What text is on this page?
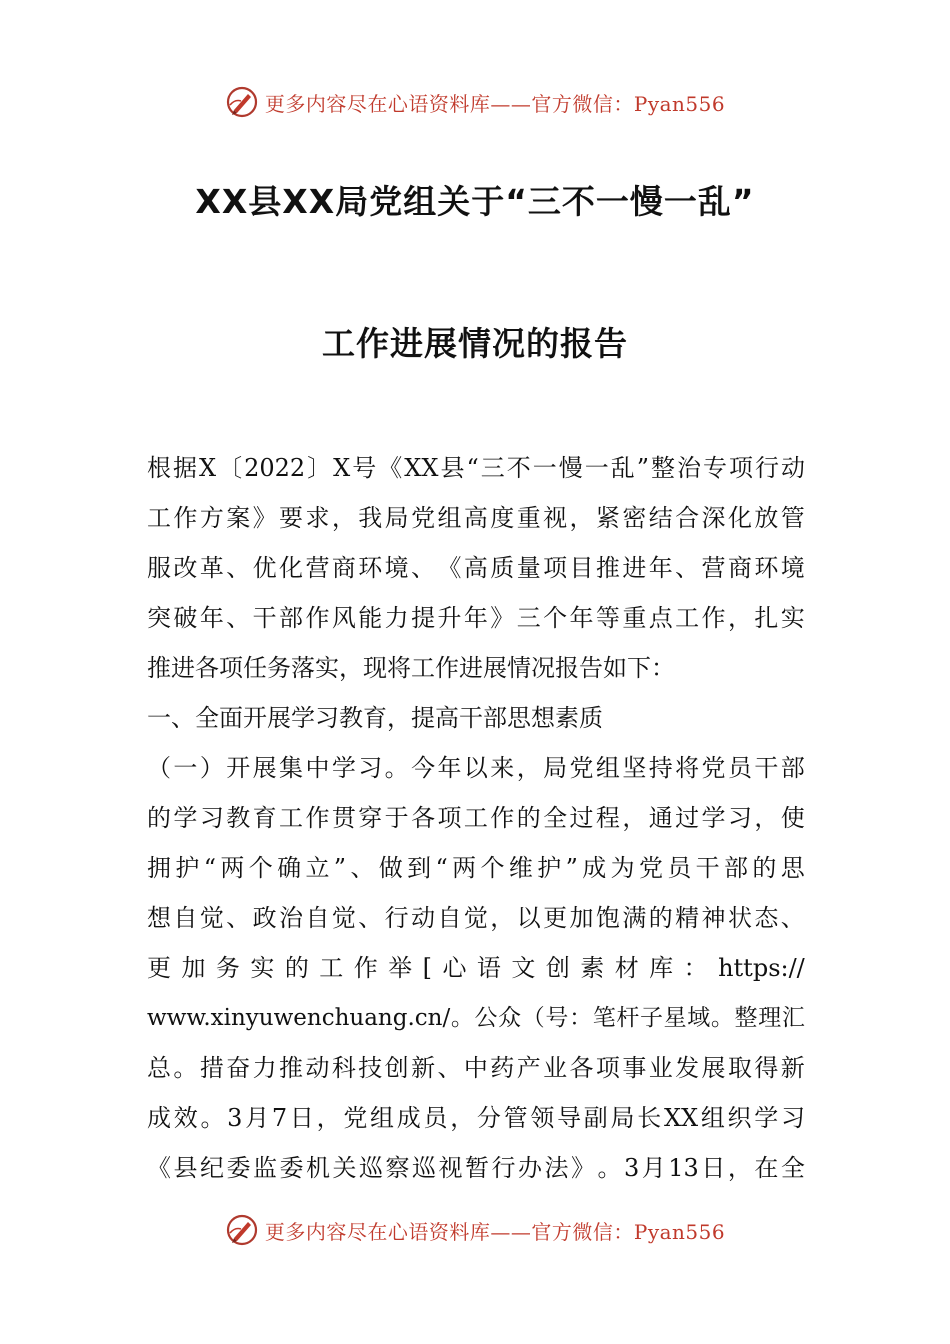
更多内容尽在心语资料库——官方微信：Pyan556
XX县XX局党组关于“三不一慢一乱”
工作进展情况的报告
根 据 X 〔 2022 〕 X 号 《 XX 县 “ 三 不 一 慢 一 乱 ” 整 治 专 项 行 动
工 作 方 案 》 要 求 ， 我 局 党 组 高 度 重 视 ， 紧 密 结 合 深 化 放 管
服 改 革 、 优 化 营 商 环 境 、 《 高 质 量 项 目 推 进 年 、 营 商 环 境
突 破 年 、 干 部 作 风 能 力 提 升 年 》 三 个 年 等 重 点 工 作 ， 扎 实
推进各项任务落实，现将工作进展情况报告如下：
一、全面开展学习教育，提高干部思想素质
（ 一 ） 开 展 集 中 学 习 。 今 年 以 来 ， 局 党 组 坚 持 将 党 员 干 部
的 学 习 教 育 工 作 贯 穿 于 各 项 工 作 的 全 过 程 ， 通 过 学 习 ， 使
拥 护 “ 两 个 确 立 ” 、 做 到 “ 两 个 维 护 ” 成 为 党 员 干 部 的 思
想 自 觉 、 政 治 自 觉 、 行 动 自 觉 ， 以 更 加 饱 满 的 精 神 状 态 、
更 加 务 实 的 工 作 举 [ 心 语 文 创 素 材 库 ： https://
www.xinyuwenchuang.cn/ 。 公 众 （ 号 ： 笔 杆 子 星 域 。 整 理 汇
总 。 措 奋 力 推 动 科 技 创 新 、 中 药 产 业 各 项 事 业 发 展 取 得 新
成 效 。 3 月 7 日 ， 党 组 成 员 ， 分 管 领 导 副 局 长 XX 组 织 学 习
《 县 纪 委 监 委 机 关 巡 察 巡 视 暂 行 办 法 》 。 3 月 13 日 ， 在 全
更多内容尽在心语资料库——官方微信：Pyan556
